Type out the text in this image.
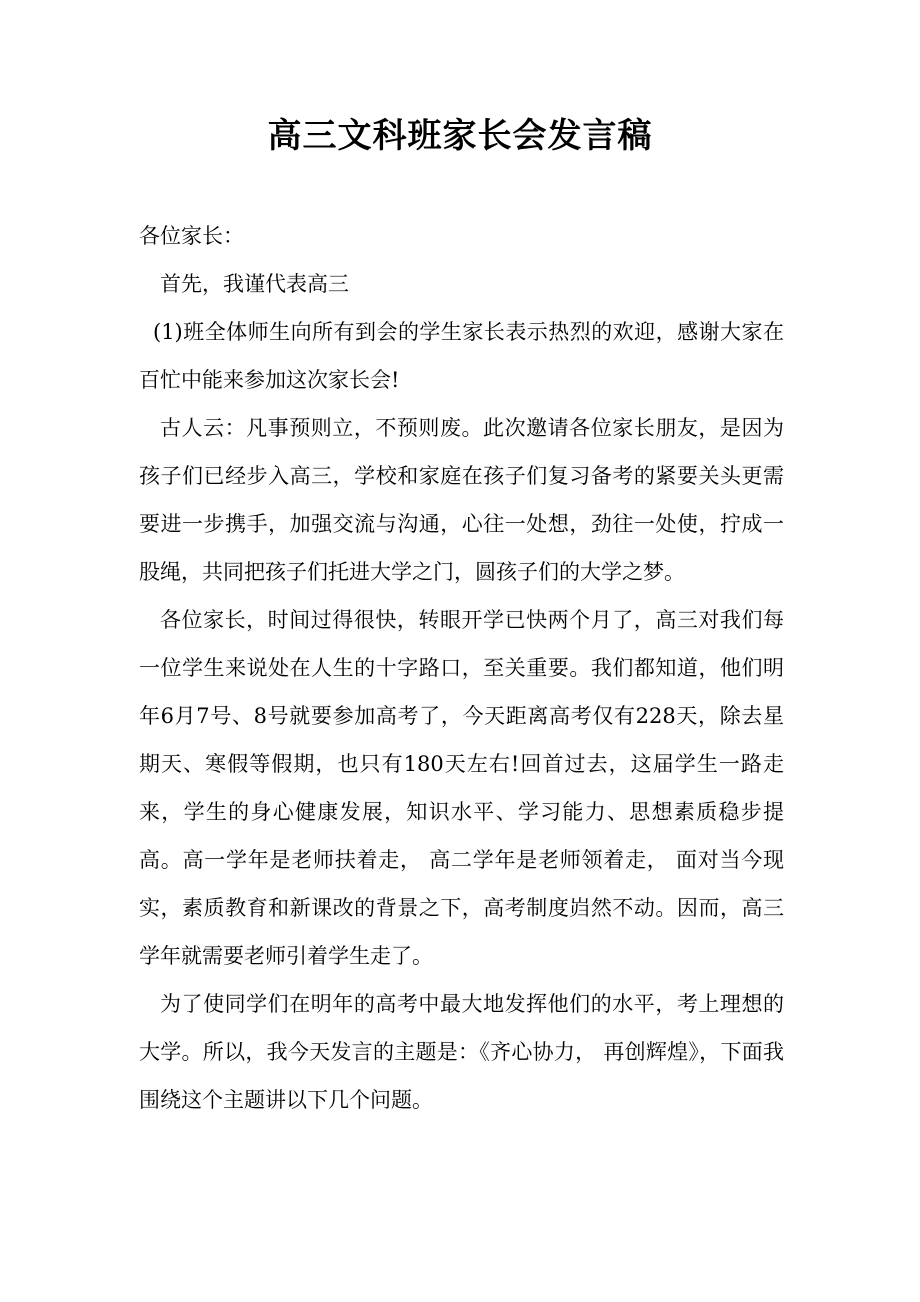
高三文科班家长会发言稿

各位家长：

首先，我谨代表高三

(1)班全体师生向所有到会的学生家长表示热烈的欢迎，感谢大家在百忙中能来参加这次家长会!

古人云：凡事预则立，不预则废。此次邀请各位家长朋友，是因为孩子们已经步入高三，学校和家庭在孩子们复习备考的紧要关头更需要进一步携手，加强交流与沟通，心往一处想，劲往一处使，拧成一股绳，共同把孩子们托进大学之门，圆孩子们的大学之梦。

各位家长，时间过得很快，转眼开学已快两个月了，高三对我们每一位学生来说处在人生的十字路口，至关重要。我们都知道，他们明年6月7号、8号就要参加高考了，今天距离高考仅有228天，除去星期天、寒假等假期，也只有180天左右!回首过去，这届学生一路走来，学生的身心健康发展，知识水平、学习能力、思想素质稳步提高。高一学年是老师扶着走， 高二学年是老师领着走， 面对当今现实，素质教育和新课改的背景之下，高考制度岿然不动。因而，高三学年就需要老师引着学生走了。

为了使同学们在明年的高考中最大地发挥他们的水平，考上理想的大学。所以，我今天发言的主题是：《齐心协力， 再创辉煌》，下面我围绕这个主题讲以下几个问题。
